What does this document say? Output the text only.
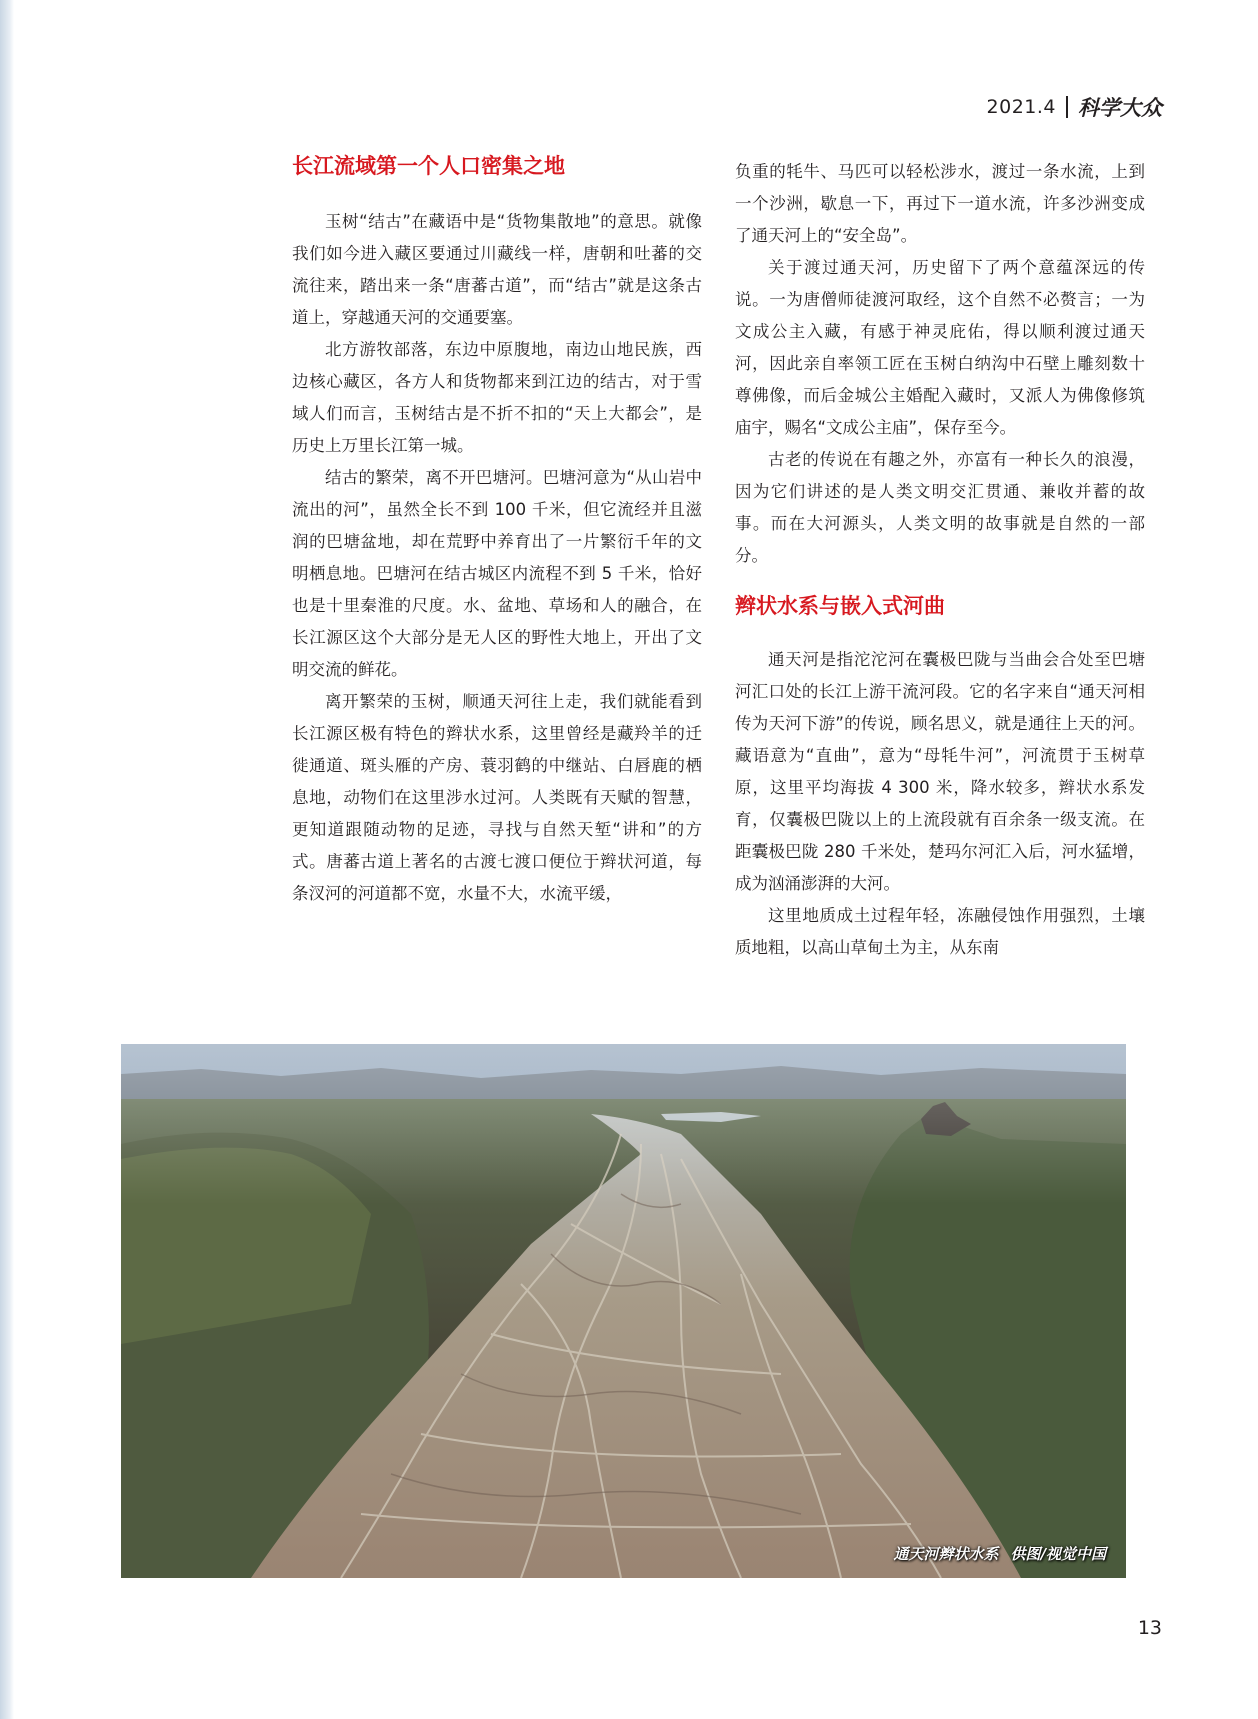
2021.4 科学大众
长江流域第一个人口密集之地

玉树“结古”在藏语中是“货物集散地”的意思。就像我们如今进入藏区要通过川藏线一样，唐朝和吐蕃的交流往来，踏出来一条“唐蕃古道”，而“结古”就是这条古道上，穿越通天河的交通要塞。

北方游牧部落，东边中原腹地，南边山地民族，西边核心藏区，各方人和货物都来到江边的结古，对于雪域人们而言，玉树结古是不折不扣的“天上大都会”，是历史上万里长江第一城。

结古的繁荣，离不开巴塘河。巴塘河意为“从山岩中流出的河”，虽然全长不到 100 千米，但它流经并且滋润的巴塘盆地，却在荒野中养育出了一片繁衍千年的文明栖息地。巴塘河在结古城区内流程不到 5 千米，恰好也是十里秦淮的尺度。水、盆地、草场和人的融合，在长江源区这个大部分是无人区的野性大地上，开出了文明交流的鲜花。

离开繁荣的玉树，顺通天河往上走，我们就能看到长江源区极有特色的辫状水系，这里曾经是藏羚羊的迁徙通道、斑头雁的产房、蓑羽鹤的中继站、白唇鹿的栖息地，动物们在这里涉水过河。人类既有天赋的智慧，更知道跟随动物的足迹，寻找与自然天堑“讲和”的方式。唐蕃古道上著名的古渡七渡口便位于辫状河道，每条汊河的河道都不宽，水量不大，水流平缓，

负重的牦牛、马匹可以轻松涉水，渡过一条水流，上到一个沙洲，歇息一下，再过下一道水流，许多沙洲变成了通天河上的“安全岛”。

关于渡过通天河，历史留下了两个意蕴深远的传说。一为唐僧师徒渡河取经，这个自然不必赘言；一为文成公主入藏，有感于神灵庇佑，得以顺利渡过通天河，因此亲自率领工匠在玉树白纳沟中石壁上雕刻数十尊佛像，而后金城公主婚配入藏时，又派人为佛像修筑庙宇，赐名“文成公主庙”，保存至今。

古老的传说在有趣之外，亦富有一种长久的浪漫，因为它们讲述的是人类文明交汇贯通、兼收并蓄的故事。而在大河源头，人类文明的故事就是自然的一部分。

辫状水系与嵌入式河曲

通天河是指沱沱河在囊极巴陇与当曲会合处至巴塘河汇口处的长江上游干流河段。它的名字来自“通天河相传为天河下游”的传说，顾名思义，就是通往上天的河。藏语意为“直曲”，意为“母牦牛河”，河流贯于玉树草原，这里平均海拔 4 300 米，降水较多，辫状水系发育，仅囊极巴陇以上的上流段就有百余条一级支流。在距囊极巴陇 280 千米处，楚玛尔河汇入后，河水猛增，成为汹涌澎湃的大河。

这里地质成土过程年轻，冻融侵蚀作用强烈，土壤质地粗，以高山草甸土为主，从东南

通天河辫状水系 供图/视觉中国
13
